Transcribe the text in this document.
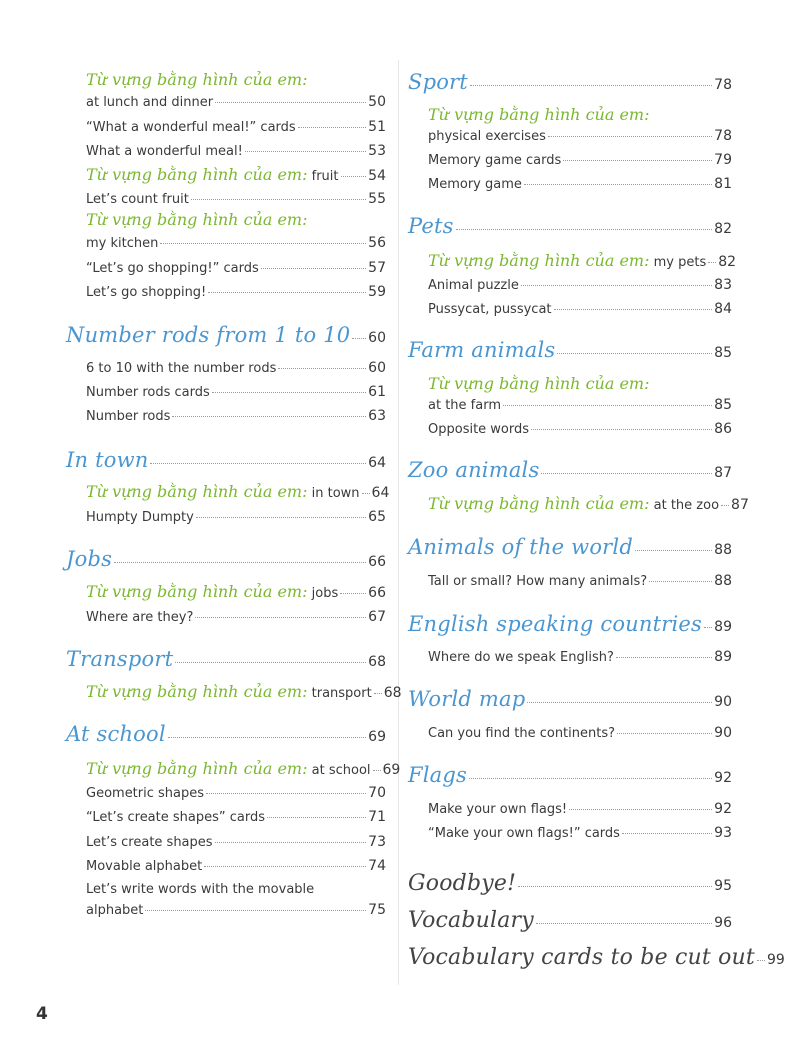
Từ vựng bằng hình của em:
at lunch and dinner	50
“What a wonderful meal!” cards	51
What a wonderful meal!	53
Từ vựng bằng hình của em: fruit 54
Let’s count fruit	55
Từ vựng bằng hình của em:
my kitchen	56
“Let’s go shopping!” cards	57
Let’s go shopping!	59
Number rods from 1 to 10 60
6 to 10 with the number rods	60
Number rods cards	61
Number rods	63
In town	64
Từ vựng bằng hình của em: in town 64
Humpty Dumpty	65
Jobs	66
Từ vựng bằng hình của em: jobs 66
Where are they?	67
Transport	68
Từ vựng bằng hình của em: transport 68
At school	69
Từ vựng bằng hình của em: at school 69
Geometric shapes	70
“Let’s create shapes” cards	71
Let’s create shapes	73
Movable alphabet	74
Let’s write words with the movable
alphabet	75
Sport	78
Từ vựng bằng hình của em:
physical exercises	78
Memory game cards	79
Memory game	81
Pets	82
Từ vựng bằng hình của em: my pets 82
Animal puzzle	83
Pussycat, pussycat	84
Farm animals	85
Từ vựng bằng hình của em:
at the farm	85
Opposite words	86
Zoo animals	87
Từ vựng bằng hình của em: at the zoo 87
Animals of the world	88
Tall or small? How many animals?	88
English speaking countries 89
Where do we speak English?	89
World map	90
Can you find the continents?	90
Flags	92
Make your own flags!	92
“Make your own flags!” cards	93
Goodbye!	95
Vocabulary	96
Vocabulary cards to be cut out 99
4
